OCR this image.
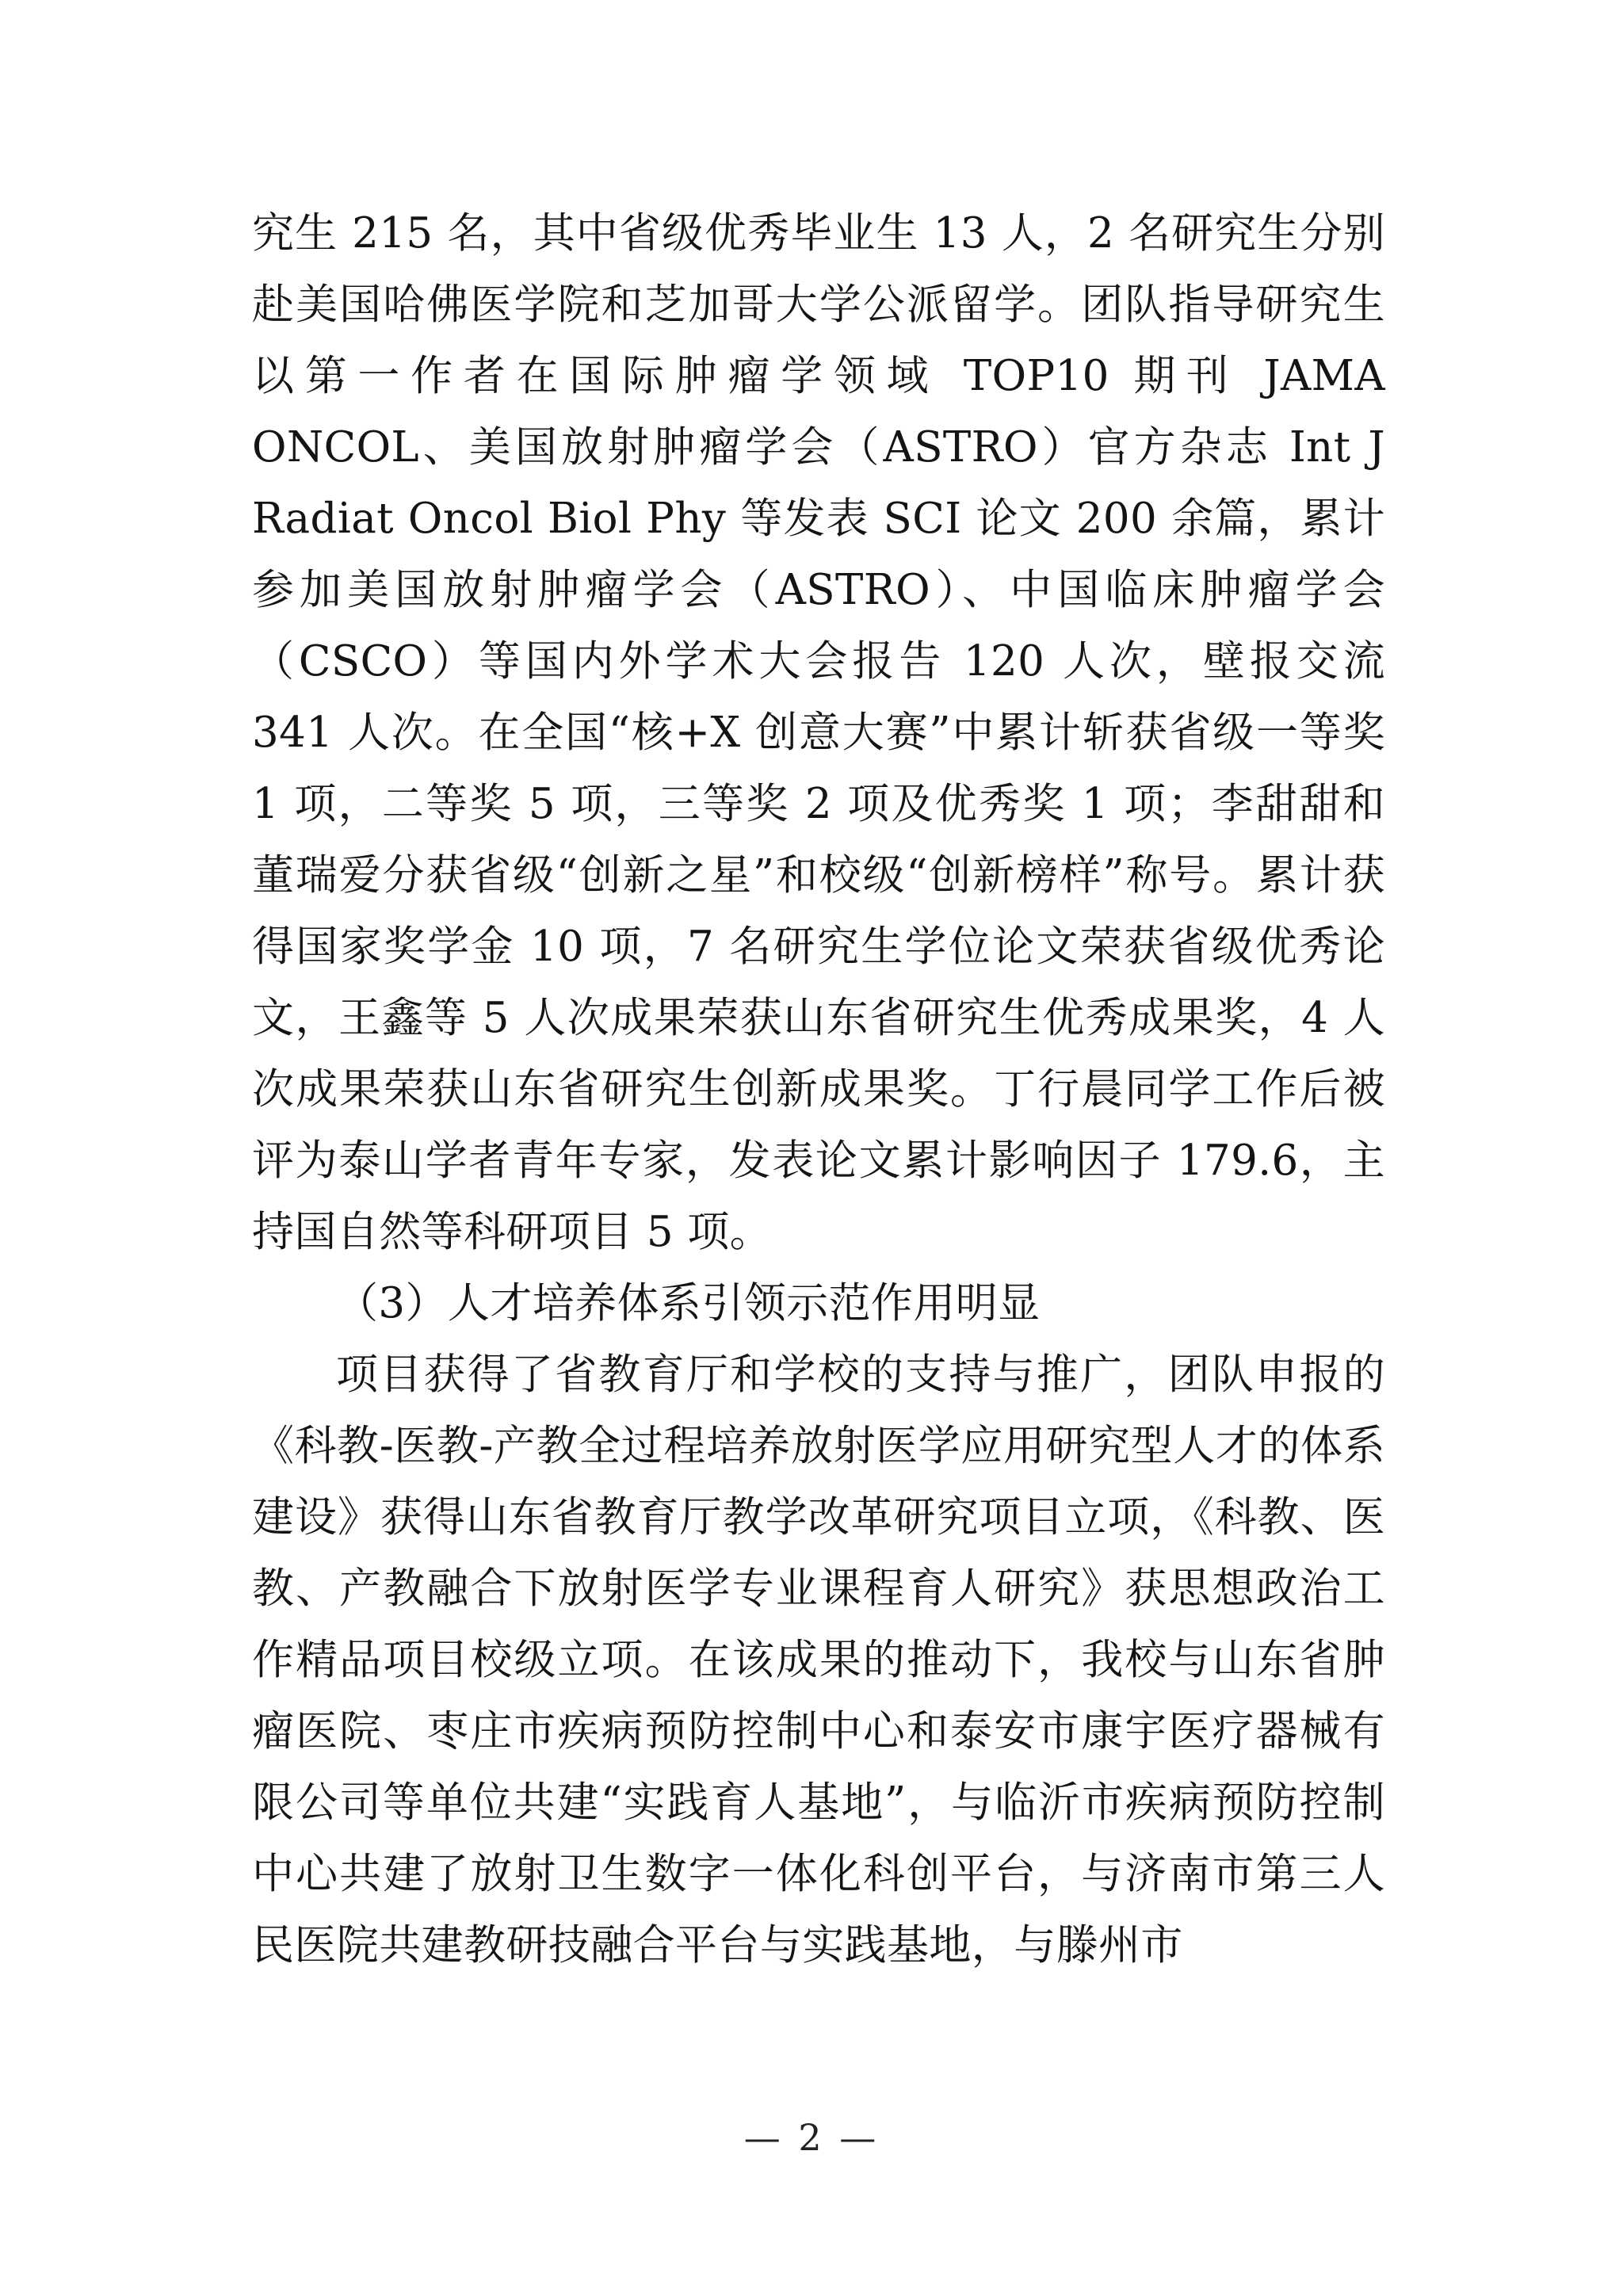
究生 215 名，其中省级优秀毕业生 13 人，2 名研究生分别赴美国哈佛医学院和芝加哥大学公派留学。团队指导研究生以第一作者在国际肿瘤学领域 TOP10 期刊 JAMA ONCOL、美国放射肿瘤学会（ASTRO）官方杂志 Int J Radiat Oncol Biol Phy 等发表 SCI 论文 200 余篇，累计参加美国放射肿瘤学会（ASTRO）、中国临床肿瘤学会（CSCO）等国内外学术大会报告 120 人次，壁报交流 341 人次。在全国“核+X 创意大赛”中累计斩获省级一等奖 1 项，二等奖 5 项，三等奖 2 项及优秀奖 1 项；李甜甜和董瑞爱分获省级“创新之星”和校级“创新榜样”称号。累计获得国家奖学金 10 项，7 名研究生学位论文荣获省级优秀论文，王鑫等 5 人次成果荣获山东省研究生优秀成果奖，4 人次成果荣获山东省研究生创新成果奖。丁行晨同学工作后被评为泰山学者青年专家，发表论文累计影响因子 179.6，主持国自然等科研项目 5 项。

（3）人才培养体系引领示范作用明显

项目获得了省教育厅和学校的支持与推广，团队申报的《科教-医教-产教全过程培养放射医学应用研究型人才的体系建设》获得山东省教育厅教学改革研究项目立项，《科教、医教、产教融合下放射医学专业课程育人研究》获思想政治工作精品项目校级立项。在该成果的推动下，我校与山东省肿瘤医院、枣庄市疾病预防控制中心和泰安市康宇医疗器械有限公司等单位共建“实践育人基地”，与临沂市疾病预防控制中心共建了放射卫生数字一体化科创平台，与济南市第三人民医院共建教研技融合平台与实践基地，与滕州市

— 2 —
